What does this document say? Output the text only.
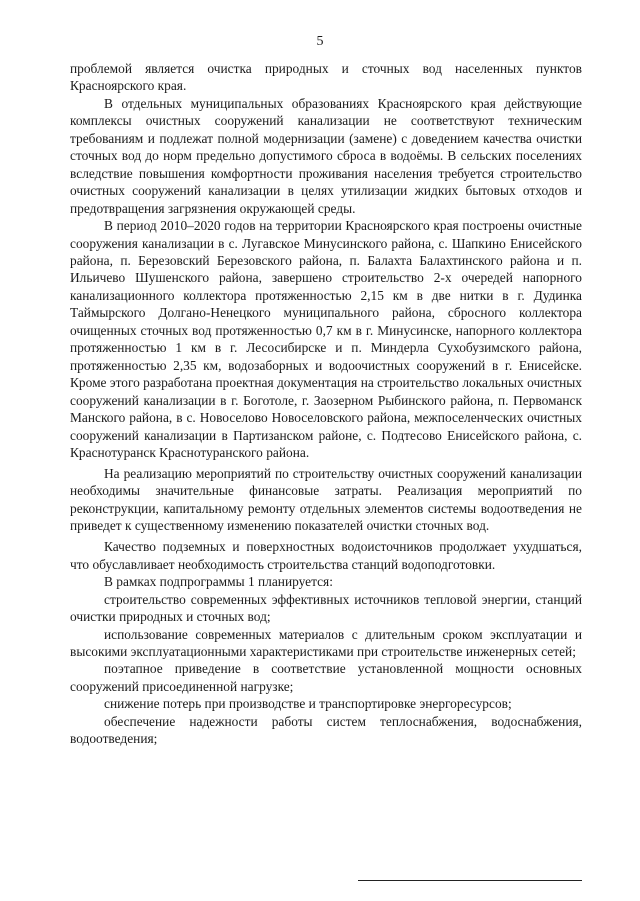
5

проблемой является очистка природных и сточных вод населенных пунктов Красноярского края.

В отдельных муниципальных образованиях Красноярского края действующие комплексы очистных сооружений канализации не соответствуют техническим требованиям и подлежат полной модернизации (замене) с доведением качества очистки сточных вод до норм предельно допустимого сброса в водоёмы. В сельских поселениях вследствие повышения комфортности проживания населения требуется строительство очистных сооружений канализации в целях утилизации жидких бытовых отходов и предотвращения загрязнения окружающей среды.

В период 2010–2020 годов на территории Красноярского края построены очистные сооружения канализации в с. Лугавское Минусинского района, с. Шапкино Енисейского района, п. Березовский Березовского района, п. Балахта Балахтинского района и п. Ильичево Шушенского района, завершено строительство 2-х очередей напорного канализационного коллектора протяженностью 2,15 км в две нитки в г. Дудинка Таймырского Долгано-Ненецкого муниципального района, сбросного коллектора очищенных сточных вод протяженностью 0,7 км в г. Минусинске, напорного коллектора протяженностью 1 км в г. Лесосибирске и п. Миндерла Сухобузимского района, протяженностью 2,35 км, водозаборных и водоочистных сооружений в г. Енисейске. Кроме этого разработана проектная документация на строительство локальных очистных сооружений канализации в г. Боготоле, г. Заозерном Рыбинского района, п. Первоманск Манского района, в с. Новоселово Новоселовского района, межпоселенческих очистных сооружений канализации в Партизанском районе, с. Подтесово Енисейского района, с. Краснотуранск Краснотуранского района.

На реализацию мероприятий по строительству очистных сооружений канализации необходимы значительные финансовые затраты. Реализация мероприятий по реконструкции, капитальному ремонту отдельных элементов системы водоотведения не приведет к существенному изменению показателей очистки сточных вод.

Качество подземных и поверхностных водоисточников продолжает ухудшаться, что обуславливает необходимость строительства станций водоподготовки.

В рамках подпрограммы 1 планируется:

строительство современных эффективных источников тепловой энергии, станций очистки природных и сточных вод;

использование современных материалов с длительным сроком эксплуатации и высокими эксплуатационными характеристиками при строительстве инженерных сетей;

поэтапное приведение в соответствие установленной мощности основных сооружений присоединенной нагрузке;

снижение потерь при производстве и транспортировке энергоресурсов;

обеспечение надежности работы систем теплоснабжения, водоснабжения, водоотведения;
